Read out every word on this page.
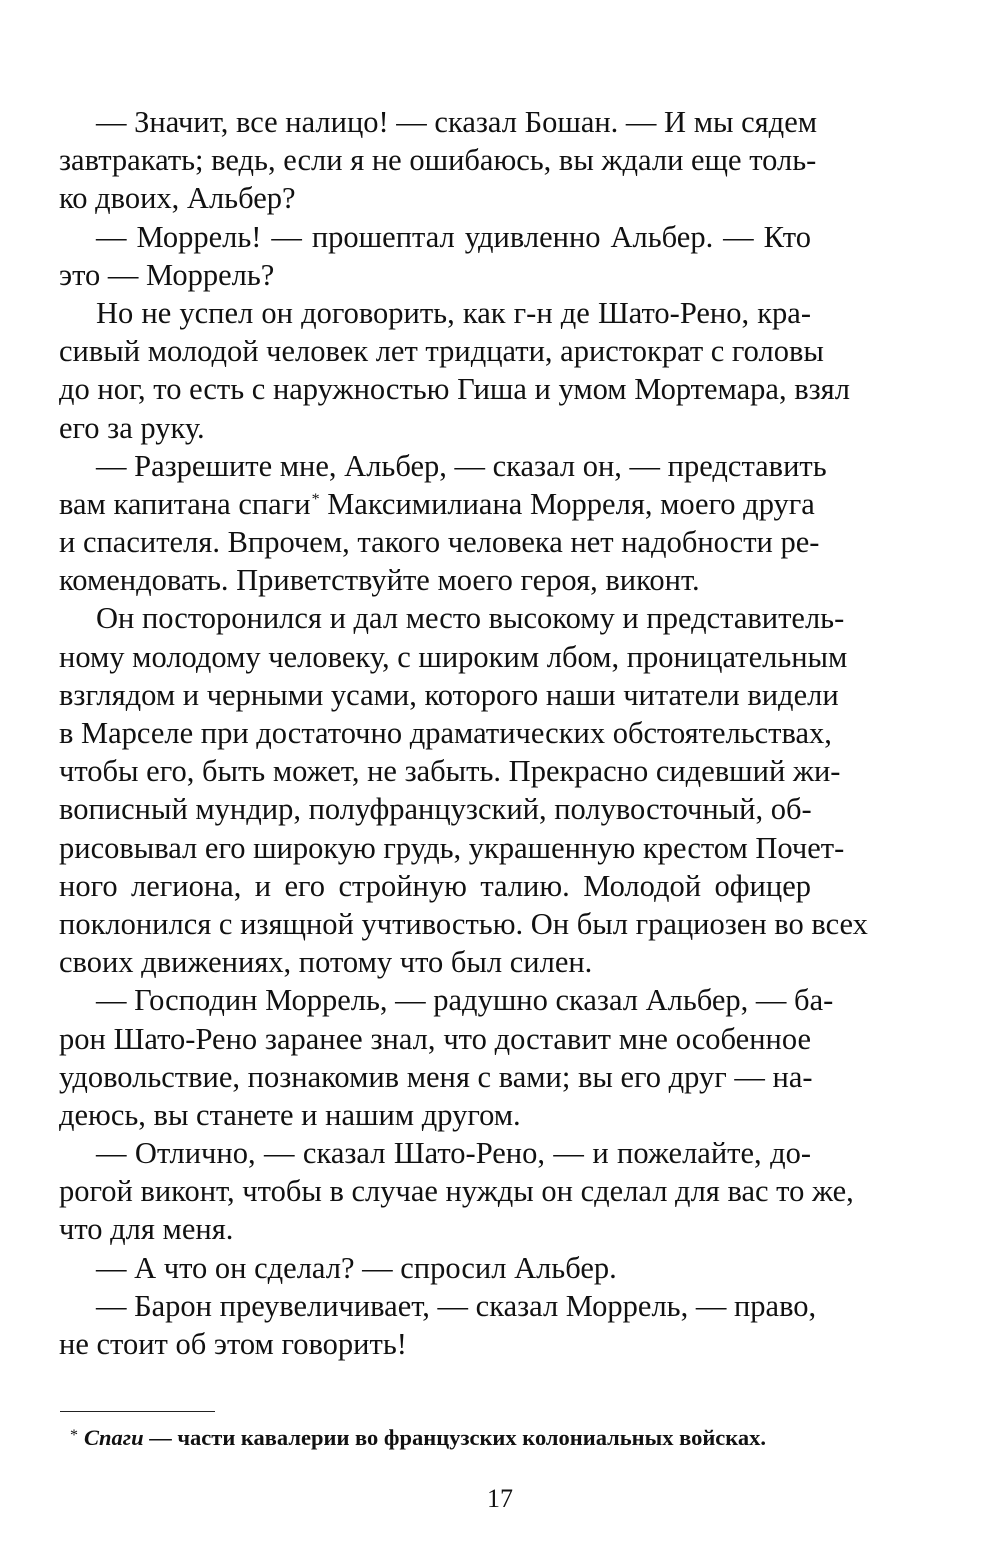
— Значит, все налицо! — сказал Бошан. — И мы сядем
завтракать; ведь, если я не ошибаюсь, вы ждали еще толь-
ко двоих, Альбер?
— Моррель! — прошептал удивленно Альбер. — Кто
это — Моррель?
Но не успел он договорить, как г-н де Шато-Рено, кра-
сивый молодой человек лет тридцати, аристократ с головы
до ног, то есть с наружностью Гиша и умом Мортемара, взял
его за руку.
— Разрешите мне, Альбер, — сказал он, — представить
вам капитана спаги* Максимилиана Морреля, моего друга
и спасителя. Впрочем, такого человека нет надобности ре-
комендовать. Приветствуйте моего героя, виконт.
Он посторонился и дал место высокому и представитель-
ному молодому человеку, с широким лбом, проницательным
взглядом и черными усами, которого наши читатели видели
в Марселе при достаточно драматических обстоятельствах,
чтобы его, быть может, не забыть. Прекрасно сидевший жи-
вописный мундир, полуфранцузский, полувосточный, об-
рисовывал его широкую грудь, украшенную крестом Почет-
ного легиона, и его стройную талию. Молодой офицер
поклонился с изящной учтивостью. Он был грациозен во всех
своих движениях, потому что был силен.
— Господин Моррель, — радушно сказал Альбер, — ба-
рон Шато-Рено заранее знал, что доставит мне особенное
удовольствие, познакомив меня с вами; вы его друг — на-
деюсь, вы станете и нашим другом.
— Отлично, — сказал Шато-Рено, — и пожелайте, до-
рогой виконт, чтобы в случае нужды он сделал для вас то же,
что для меня.
— А что он сделал? — спросил Альбер.
— Барон преувеличивает, — сказал Моррель, — право,
не стоит об этом говорить!
* Спаги — части кавалерии во французских колониальных войсках.
17
